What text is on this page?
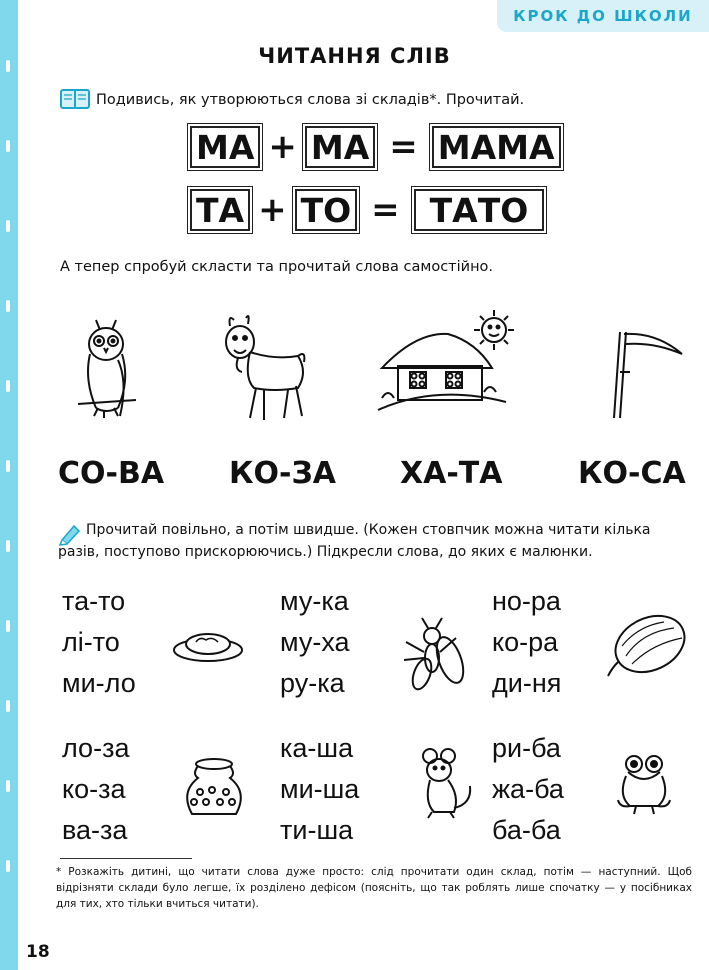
КРОК ДО ШКОЛИ
ЧИТАННЯ СЛІВ
Подивись, як утворюються слова зі складів*. Прочитай.
МА + МА = МАМА
ТА + ТО = ТАТО
А тепер спробуй скласти та прочитай слова самостійно.
СО-ВА КО-ЗА ХА-ТА	КО-СА
Прочитай повільно, а потім швидше. (Кожен стовпчик можна читати кілька
разів, поступово прискорюючись.) Підкресли слова, до яких є малюнки.
та-то
лі-то
ми-ло
му-ка
му-ха
ру-ка
но-ра
ко-ра
ди-ня
ло-за
ко-за
ва-за
ка-ша
ми-ша
ти-ша
ри-ба
жа-ба
ба-ба
* Розкажіть дитині, що читати слова дуже просто: слід прочитати один склад, потім — наступний. Щоб відрізняти склади було легше, їх розділено дефісом (поясніть, що так роблять лише спочатку — у посібниках для тих, хто тільки вчиться читати).
18
